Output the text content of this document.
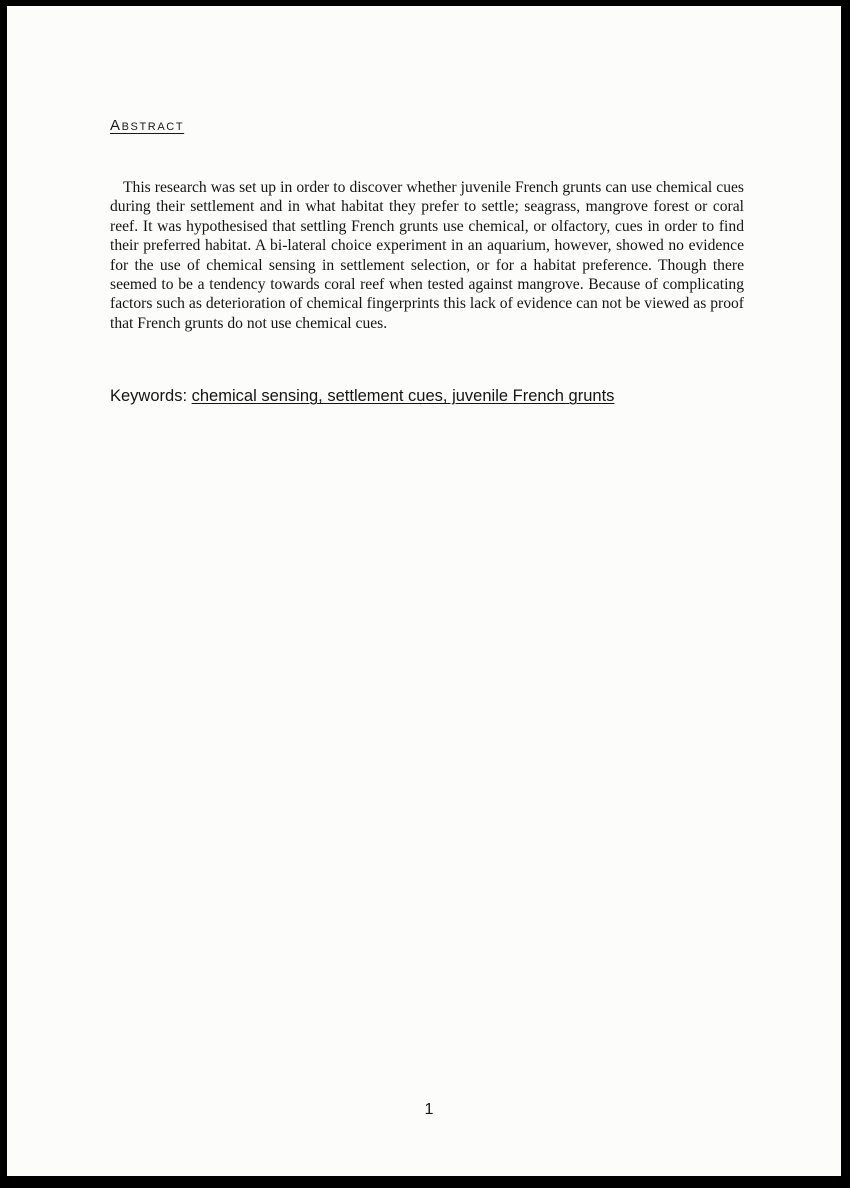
Abstract

This research was set up in order to discover whether juvenile French grunts can use chemical cues during their settlement and in what habitat they prefer to settle; seagrass, mangrove forest or coral reef. It was hypothesised that settling French grunts use chemical, or olfactory, cues in order to find their preferred habitat. A bi-lateral choice experiment in an aquarium, however, showed no evidence for the use of chemical sensing in settlement selection, or for a habitat preference. Though there seemed to be a tendency towards coral reef when tested against mangrove. Because of complicating factors such as deterioration of chemical fingerprints this lack of evidence can not be viewed as proof that French grunts do not use chemical cues.

Keywords: chemical sensing, settlement cues, juvenile French grunts

1
